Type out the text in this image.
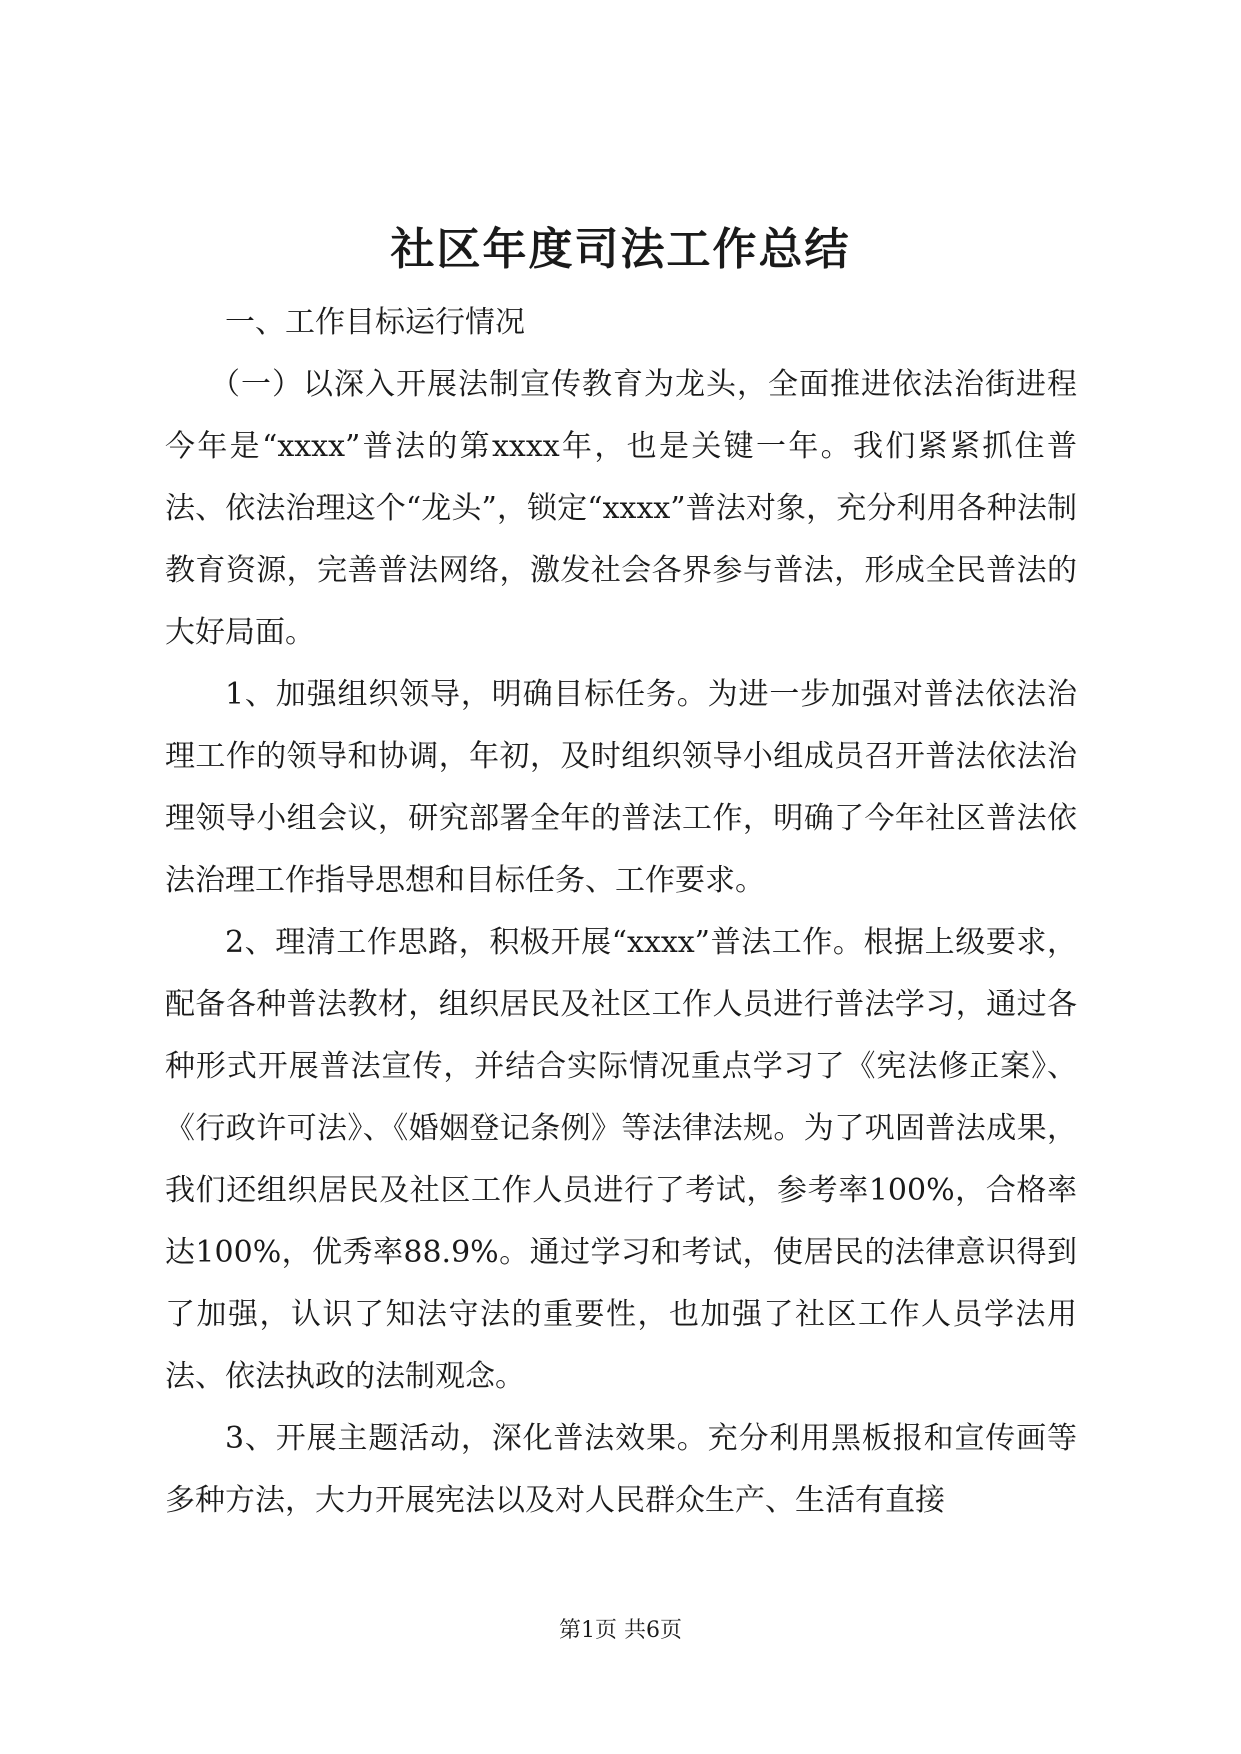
社区年度司法工作总结

一、工作目标运行情况

（一）以深入开展法制宣传教育为龙头，全面推进依法治街进程今年是“xxxx”普法的第xxxx年，也是关键一年。我们紧紧抓住普法、依法治理这个“龙头”，锁定“xxxx”普法对象，充分利用各种法制教育资源，完善普法网络，激发社会各界参与普法，形成全民普法的大好局面。

1、加强组织领导，明确目标任务。为进一步加强对普法依法治理工作的领导和协调，年初，及时组织领导小组成员召开普法依法治理领导小组会议，研究部署全年的普法工作，明确了今年社区普法依法治理工作指导思想和目标任务、工作要求。

2、理清工作思路，积极开展“xxxx”普法工作。根据上级要求，配备各种普法教材，组织居民及社区工作人员进行普法学习，通过各种形式开展普法宣传，并结合实际情况重点学习了《宪法修正案》、《行政许可法》、《婚姻登记条例》等法律法规。为了巩固普法成果，我们还组织居民及社区工作人员进行了考试，参考率100%，合格率达100%，优秀率88.9%。通过学习和考试，使居民的法律意识得到了加强，认识了知法守法的重要性，也加强了社区工作人员学法用法、依法执政的法制观念。

3、开展主题活动，深化普法效果。充分利用黑板报和宣传画等多种方法，大力开展宪法以及对人民群众生产、生活有直接

第1页 共6页
